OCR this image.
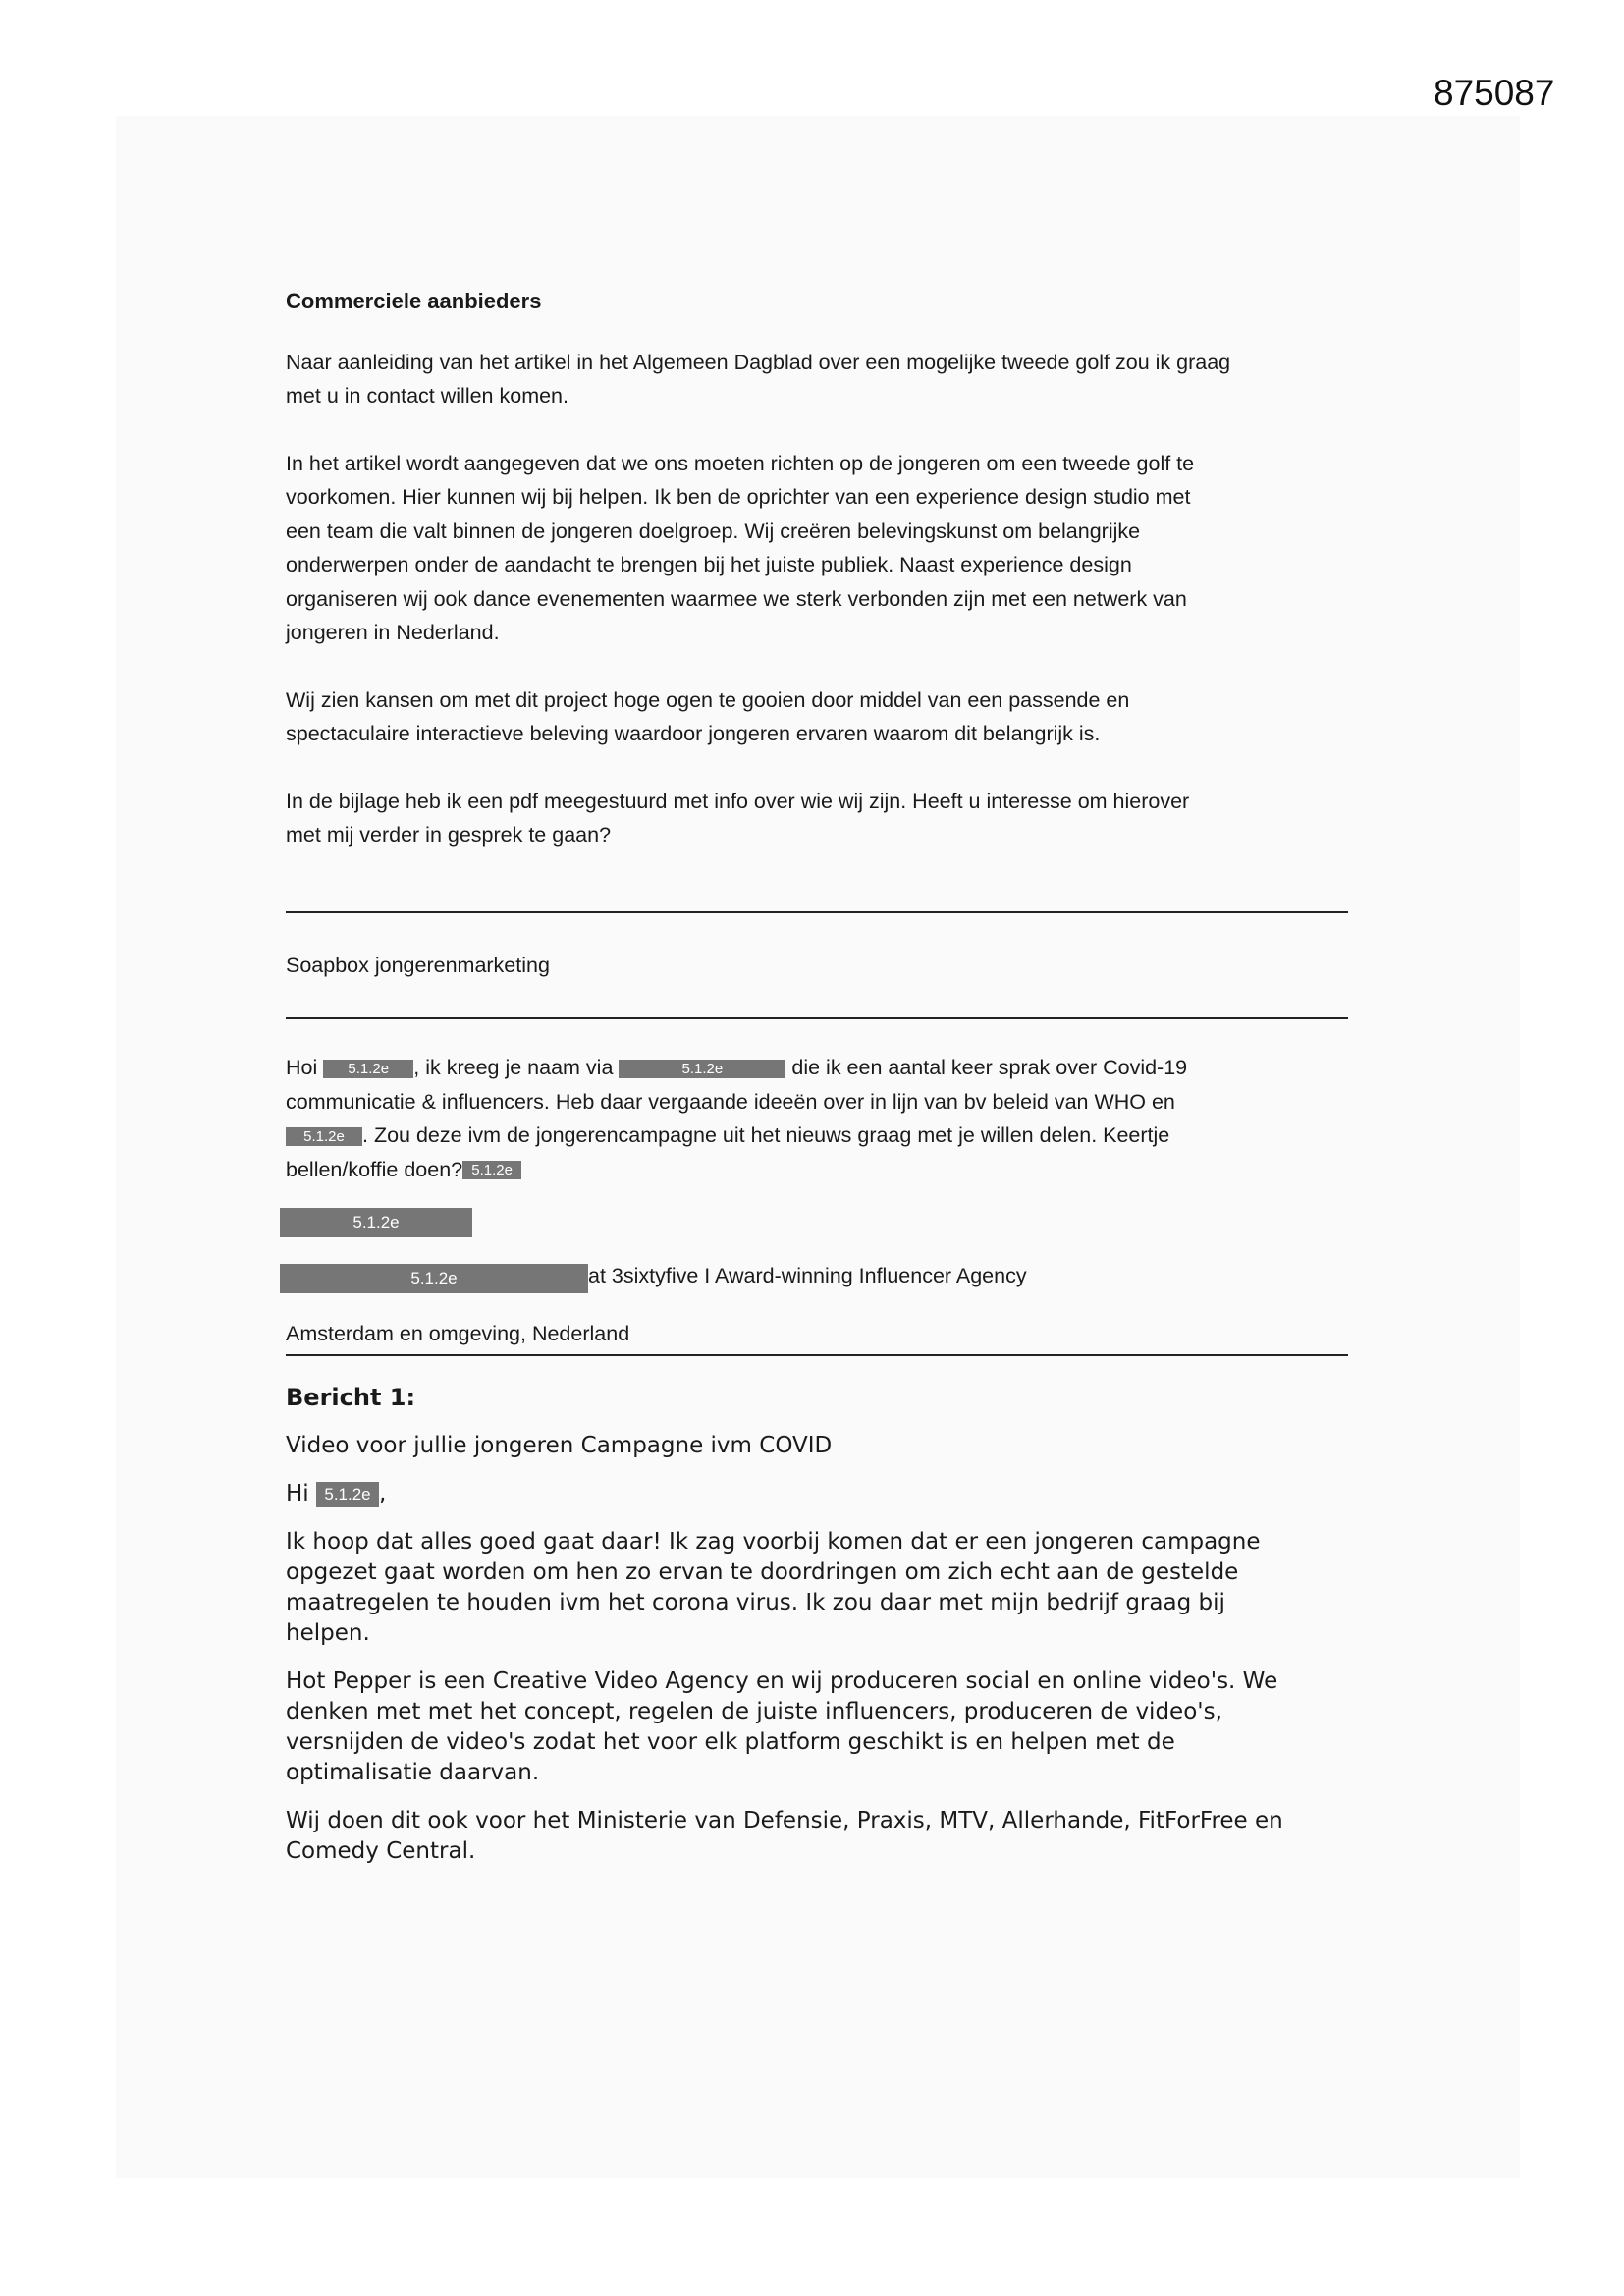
875087

Commerciele aanbieders

Naar aanleiding van het artikel in het Algemeen Dagblad over een mogelijke tweede golf zou ik graag

met u in contact willen komen.

In het artikel wordt aangegeven dat we ons moeten richten op de jongeren om een tweede golf te

voorkomen. Hier kunnen wij bij helpen. Ik ben de oprichter van een experience design studio met

een team die valt binnen de jongeren doelgroep. Wij creëren belevingskunst om belangrijke

onderwerpen onder de aandacht te brengen bij het juiste publiek. Naast experience design

organiseren wij ook dance evenementen waarmee we sterk verbonden zijn met een netwerk van

jongeren in Nederland.

Wij zien kansen om met dit project hoge ogen te gooien door middel van een passende en

spectaculaire interactieve beleving waardoor jongeren ervaren waarom dit belangrijk is.

In de bijlage heb ik een pdf meegestuurd met info over wie wij zijn. Heeft u interesse om hierover

met mij verder in gesprek te gaan?

Soapbox jongerenmarketing

Hoi 5.1.2e , ik kreeg je naam via	5.1.2e	die ik een aantal keer sprak over Covid-19

communicatie & influencers. Heb daar vergaande ideeën over in lijn van bv beleid van WHO en

5.1.2e . Zou deze ivm de jongerencampagne uit het nieuws graag met je willen delen. Keertje

bellen/koffie doen? 5.1.2e

5.1.2e
5.1.2e	at 3sixtyfive I Award-winning Influencer Agency

Amsterdam en omgeving, Nederland

Bericht 1:

Video voor jullie jongeren Campagne ivm COVID

Hi 5.1.2e ,

Ik hoop dat alles goed gaat daar! Ik zag voorbij komen dat er een jongeren campagne

opgezet gaat worden om hen zo ervan te doordringen om zich echt aan de gestelde

maatregelen te houden ivm het corona virus. Ik zou daar met mijn bedrijf graag bij

helpen.

Hot Pepper is een Creative Video Agency en wij produceren social en online video's. We

denken met met het concept, regelen de juiste influencers, produceren de video's,

versnijden de video's zodat het voor elk platform geschikt is en helpen met de

optimalisatie daarvan.

Wij doen dit ook voor het Ministerie van Defensie, Praxis, MTV, Allerhande, FitForFree en

Comedy Central.
